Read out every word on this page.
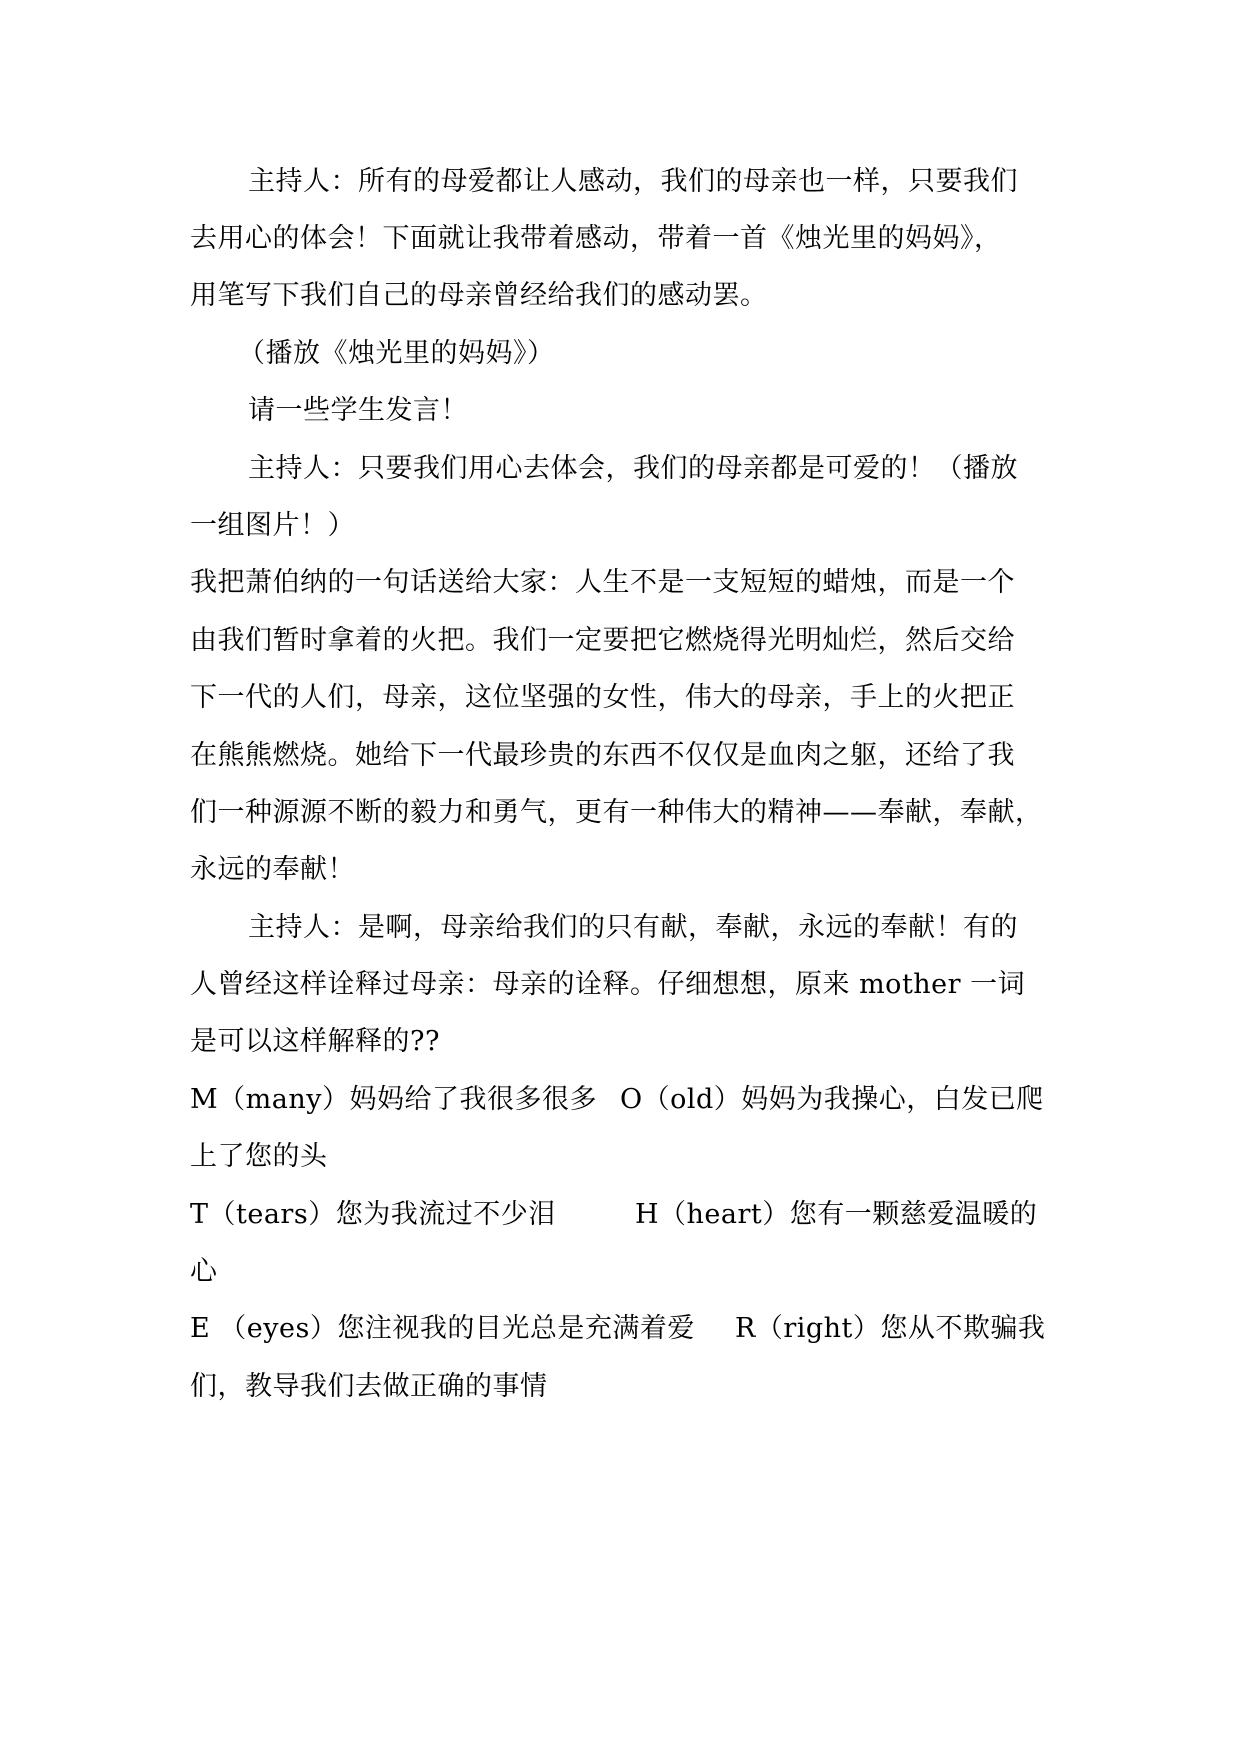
主持人：所有的母爱都让人感动，我们的母亲也一样，只要我们
去用心的体会！下面就让我带着感动，带着一首《烛光里的妈妈》，
用笔写下我们自己的母亲曾经给我们的感动罢。
（播放《烛光里的妈妈》）
请一些学生发言！
主持人：只要我们用心去体会，我们的母亲都是可爱的！（播放
一组图片！）
我把萧伯纳的一句话送给大家：人生不是一支短短的蜡烛，而是一个
由我们暂时拿着的火把。我们一定要把它燃烧得光明灿烂，然后交给
下一代的人们，母亲，这位坚强的女性，伟大的母亲，手上的火把正
在熊熊燃烧。她给下一代最珍贵的东西不仅仅是血肉之躯，还给了我
们一种源源不断的毅力和勇气，更有一种伟大的精神——奉献，奉献，
永远的奉献！
主持人：是啊，母亲给我们的只有献，奉献，永远的奉献！有的
人曾经这样诠释过母亲：母亲的诠释。仔细想想，原来 mother 一词
是可以这样解释的??
M（many）妈妈给了我很多很多 O（old）妈妈为我操心，白发已爬
上了您的头
T（tears）您为我流过不少泪	H（heart）您有一颗慈爱温暖的
心
E （eyes）您注视我的目光总是充满着爱	R（right）您从不欺骗我
们，教导我们去做正确的事情
